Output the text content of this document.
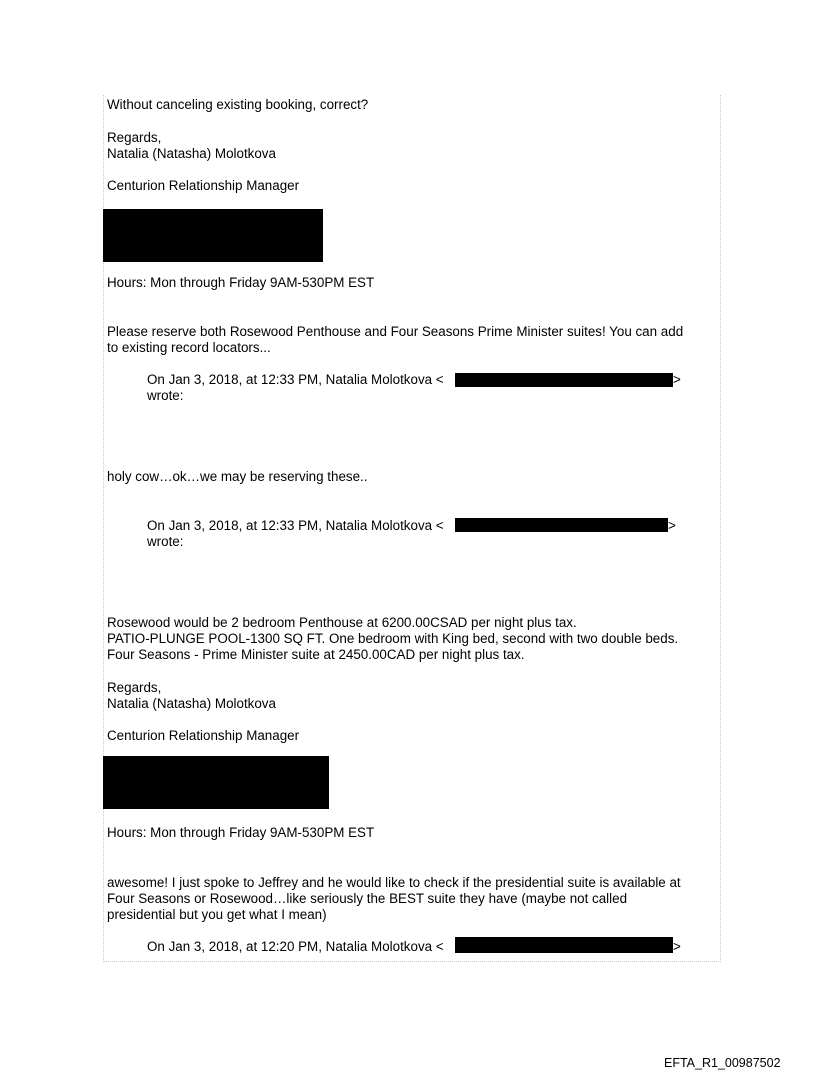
Without canceling existing booking, correct?
Regards,
Natalia (Natasha) Molotkova
Centurion Relationship Manager
Hours: Mon through Friday 9AM-530PM EST
Please reserve both Rosewood Penthouse and Four Seasons Prime Minister suites! You can add
to existing record locators...
On Jan 3, 2018, at 12:33 PM, Natalia Molotkova <	>
wrote:
holy cow…ok…we may be reserving these..
On Jan 3, 2018, at 12:33 PM, Natalia Molotkova <	>
wrote:
Rosewood would be 2 bedroom Penthouse at 6200.00CSAD per night plus tax.
PATIO-PLUNGE POOL-1300 SQ FT. One bedroom with King bed, second with two double beds.
Four Seasons - Prime Minister suite at 2450.00CAD per night plus tax.
Regards,
Natalia (Natasha) Molotkova
Centurion Relationship Manager
Hours: Mon through Friday 9AM-530PM EST
awesome! I just spoke to Jeffrey and he would like to check if the presidential suite is available at
Four Seasons or Rosewood…like seriously the BEST suite they have (maybe not called
presidential but you get what I mean)
On Jan 3, 2018, at 12:20 PM, Natalia Molotkova <	>
EFTA_R1_00987502
